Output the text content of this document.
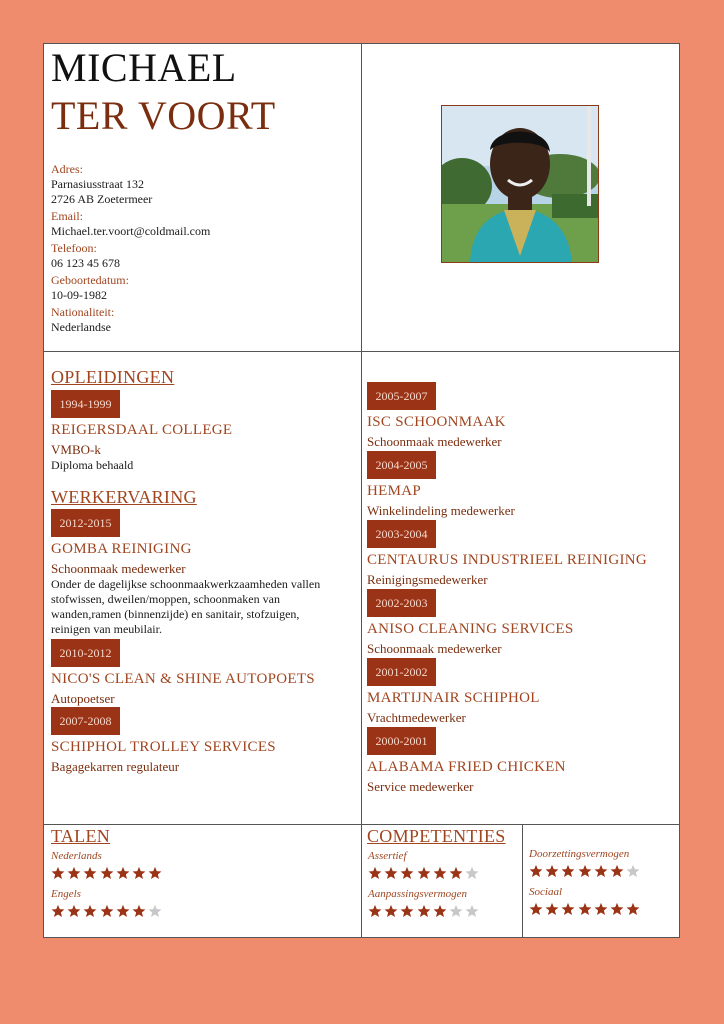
MICHAEL
TER VOORT
Adres:
Parnasiusstraat 132
2726 AB Zoetermeer
Email:
Michael.ter.voort@coldmail.com
Telefoon:
06 123 45 678
Geboortedatum:
10-09-1982
Nationaliteit:
Nederlandse
OPLEIDINGEN
WERKERVARING
TALEN	COMPETENTIES
1994-1999
REIGERSDAAL COLLEGE
VMBO-k
Diploma behaald
2012-2015
GOMBA REINIGING
Schoonmaak medewerker
Onder de dagelijkse schoonmaakwerkzaamheden vallen
stofwissen, dweilen/moppen, schoonmaken van
wanden,ramen (binnenzijde) en sanitair, stofzuigen,
reinigen van meubilair.
2010-2012
NICO'S CLEAN & SHINE AUTOPOETS
Autopoetser
2007-2008
SCHIPHOL TROLLEY SERVICES
Bagagekarren regulateur
2005-2007
ISC SCHOONMAAK
Schoonmaak medewerker
2004-2005
HEMAP
Winkelindeling medewerker
2003-2004
CENTAURUS INDUSTRIEEL REINIGING
Reinigingsmedewerker
2002-2003
ANISO CLEANING SERVICES
Schoonmaak medewerker
2001-2002
MARTIJNAIR SCHIPHOL
Vrachtmedewerker
2000-2001
ALABAMA FRIED CHICKEN
Service medewerker
Nederlands
Engels
Assertief
Aanpassingsvermogen
Doorzettingsvermogen
Sociaal
